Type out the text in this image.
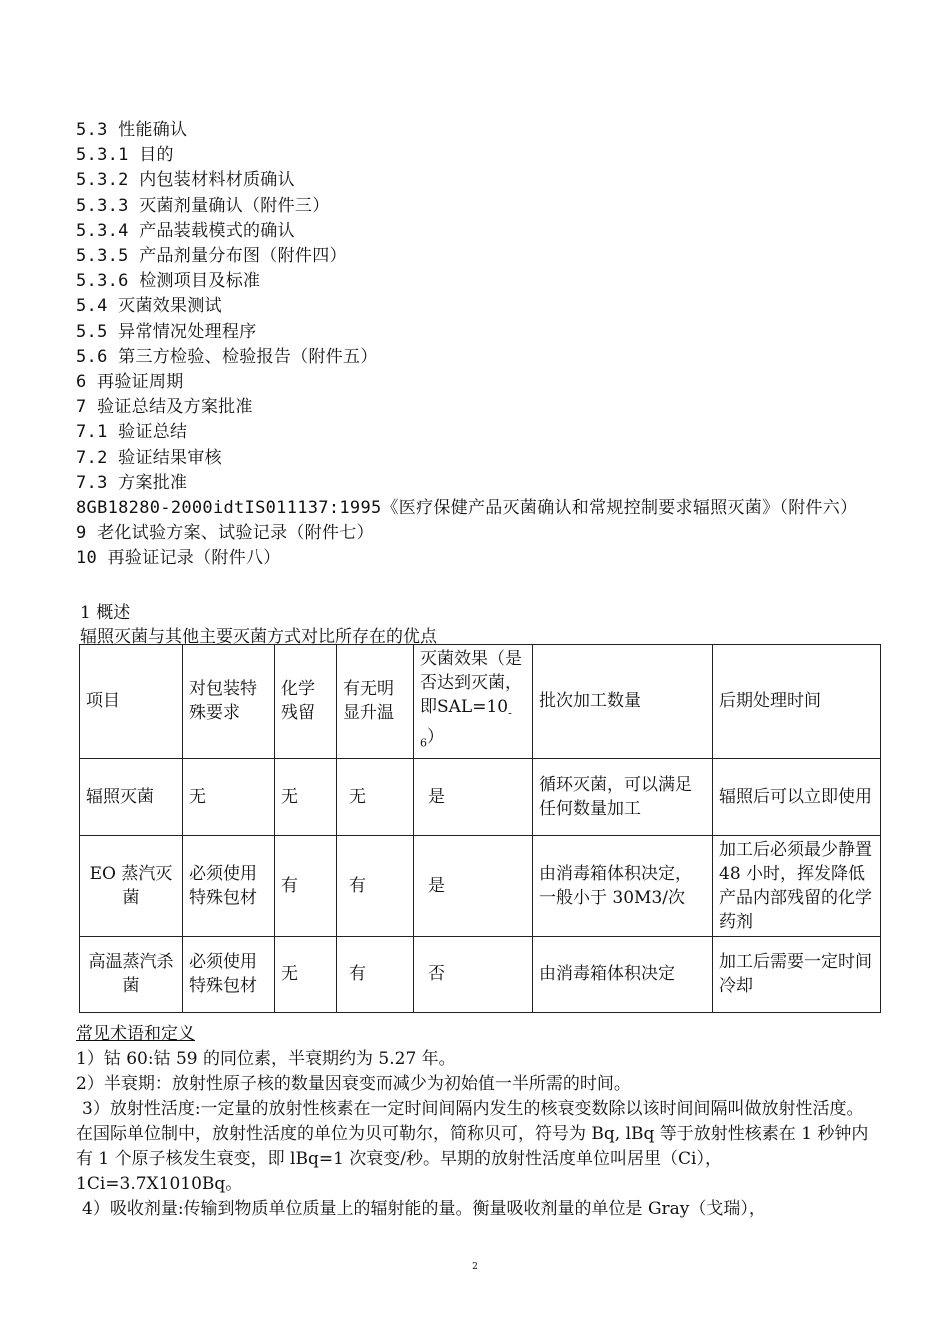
5.3 性能确认
5.3.1 目的
5.3.2 内包装材料材质确认
5.3.3 灭菌剂量确认（附件三）
5.3.4 产品装载模式的确认
5.3.5 产品剂量分布图（附件四）
5.3.6 检测项目及标准
5.4 灭菌效果测试
5.5 异常情况处理程序
5.6 第三方检验、检验报告（附件五）
6 再验证周期
7 验证总结及方案批准
7.1 验证总结
7.2 验证结果审核
7.3 方案批准
8GB18280-2000idtIS011137:1995《医疗保健产品灭菌确认和常规控制要求辐照灭菌》（附件六）
9 老化试验方案、试验记录（附件七）
10 再验证记录（附件八）
1 概述
辐照灭菌与其他主要灭菌方式对比所存在的优点
项目	对包装特殊要求	化学残留	有无明显升温	灭菌效果（是否达到灭菌，即$SAL=10_{-6}$）	批次加工数量	后期处理时间
辐照灭菌	无	无	无	是	循环灭菌，可以满足任何数量加工	辐照后可以立即使用
EO 蒸汽灭菌	必须使用特殊包材	有	有	是	由消毒箱体积决定，一般小于 30M3/次	加工后必须最少静置 48 小时，挥发降低产品内部残留的化学药剂
高温蒸汽杀菌	必须使用特殊包材	无	有	否	由消毒箱体积决定	加工后需要一定时间冷却

常见术语和定义

1）钴 60:钴 59 的同位素，半衰期约为 5.27 年。

2）半衰期：放射性原子核的数量因衰变而减少为初始值一半所需的时间。

3）放射性活度:一定量的放射性核素在一定时间间隔内发生的核衰变数除以该时间间隔叫做放射性活度。在国际单位制中，放射性活度的单位为贝可勒尔，简称贝可，符号为 Bq, lBq 等于放射性核素在 1 秒钟内有 1 个原子核发生衰变，即 lBq=1 次衰变/秒。早期的放射性活度单位叫居里（Ci），1Ci=3.7X1010Bq。

4）吸收剂量:传输到物质单位质量上的辐射能的量。衡量吸收剂量的单位是 Gray（戈瑞），

2
